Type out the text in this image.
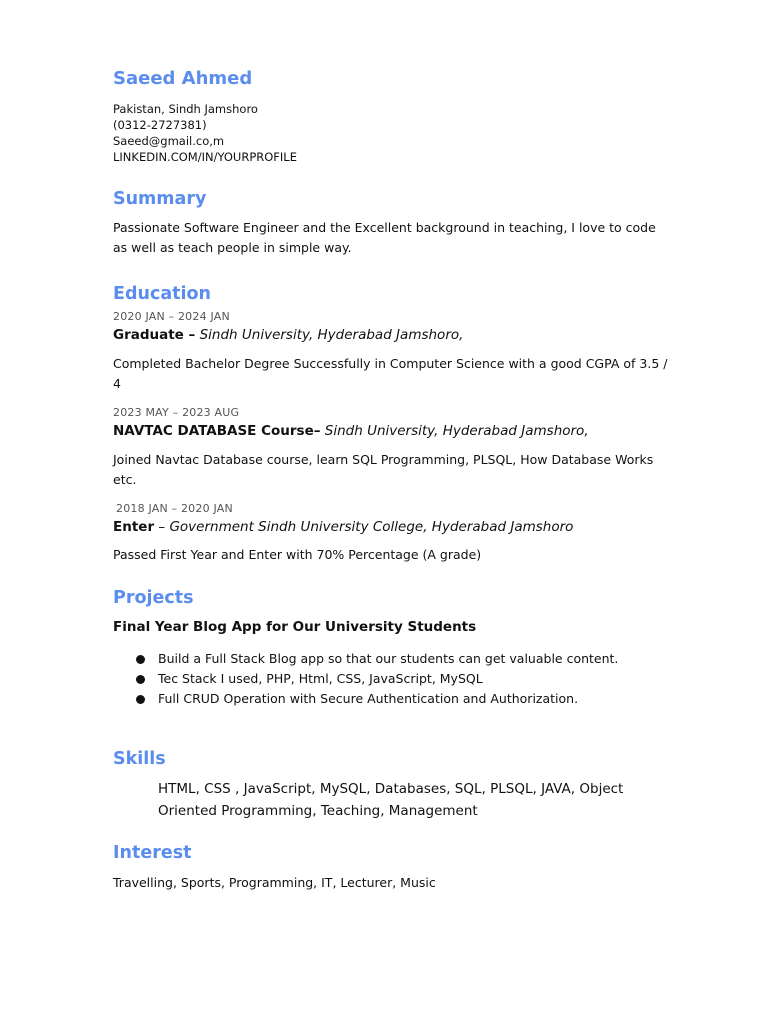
Saeed Ahmed
Pakistan, Sindh Jamshoro
(0312-2727381)
Saeed@gmail.co,m
LINKEDIN.COM/IN/YOURPROFILE
Summary

Passionate Software Engineer and the Excellent background in teaching, I love to code as well as teach people in simple way.

Education
2020 JAN – 2024 JAN
Graduate – Sindh University, Hyderabad Jamshoro,

Completed Bachelor Degree Successfully in Computer Science with a good CGPA of 3.5 / 4

2023 MAY – 2023 AUG
NAVTAC DATABASE Course– Sindh University, Hyderabad Jamshoro,

Joined Navtac Database course, learn SQL Programming, PLSQL, How Database Works etc.

2018 JAN – 2020 JAN
Enter – Government Sindh University College, Hyderabad Jamshoro

Passed First Year and Enter with 70% Percentage (A grade)

Projects
Final Year Blog App for Our University Students
Build a Full Stack Blog app so that our students can get valuable content.
Tec Stack I used, PHP, Html, CSS, JavaScript, MySQL
Full CRUD Operation with Secure Authentication and Authorization.
Skills
HTML, CSS , JavaScript, MySQL, Databases, SQL, PLSQL, JAVA, Object Oriented Programming, Teaching, Management
Interest

Travelling, Sports, Programming, IT, Lecturer, Music
